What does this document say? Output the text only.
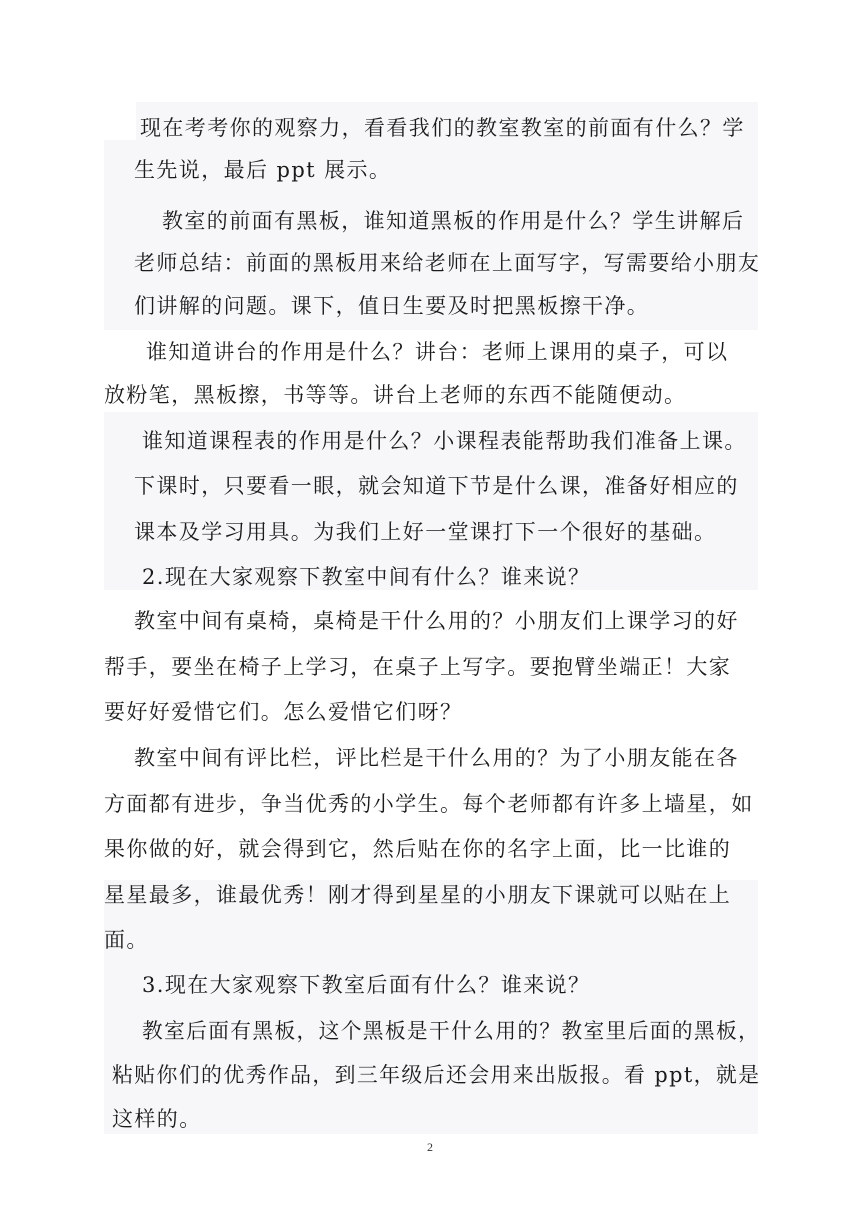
现在考考你的观察力，看看我们的教室教室的前面有什么？学
生先说，最后 ppt 展示。
教室的前面有黑板，谁知道黑板的作用是什么？学生讲解后
老师总结：前面的黑板用来给老师在上面写字，写需要给小朋友
们讲解的问题。课下，值日生要及时把黑板擦干净。
谁知道讲台的作用是什么？讲台：老师上课用的桌子，可以
放粉笔，黑板擦，书等等。讲台上老师的东西不能随便动。
谁知道课程表的作用是什么？小课程表能帮助我们准备上课。
下课时，只要看一眼，就会知道下节是什么课，准备好相应的
课本及学习用具。为我们上好一堂课打下一个很好的基础。
2.现在大家观察下教室中间有什么？谁来说？
教室中间有桌椅，桌椅是干什么用的？小朋友们上课学习的好
帮手，要坐在椅子上学习，在桌子上写字。要抱臂坐端正！大家
要好好爱惜它们。怎么爱惜它们呀？
教室中间有评比栏，评比栏是干什么用的？为了小朋友能在各
方面都有进步，争当优秀的小学生。每个老师都有许多上墙星，如
果你做的好，就会得到它，然后贴在你的名字上面，比一比谁的
星星最多，谁最优秀！刚才得到星星的小朋友下课就可以贴在上
面。
3.现在大家观察下教室后面有什么？谁来说？
教室后面有黑板，这个黑板是干什么用的？教室里后面的黑板，
粘贴你们的优秀作品，到三年级后还会用来出版报。看 ppt，就是
这样的。
2
